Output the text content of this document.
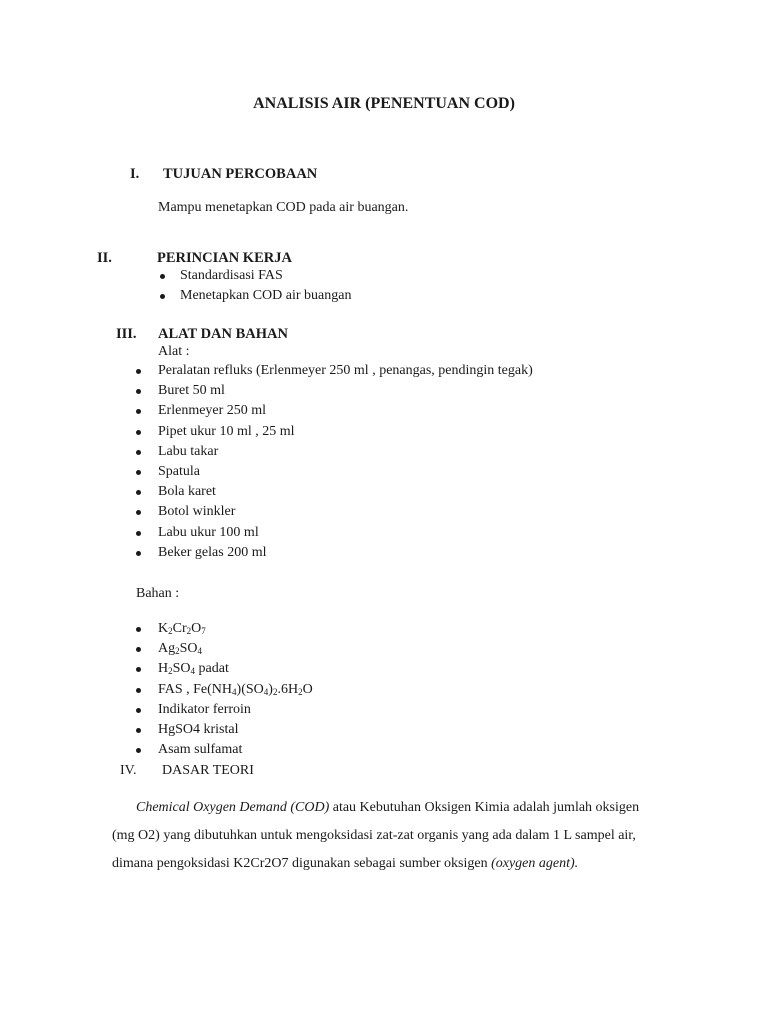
ANALISIS AIR (PENENTUAN COD)
I. TUJUAN PERCOBAAN
Mampu menetapkan COD pada air buangan.
II.	PERINCIAN KERJA
Standardisasi FAS
Menetapkan COD air buangan
III. ALAT DAN BAHAN
Alat :
Peralatan refluks (Erlenmeyer 250 ml , penangas, pendingin tegak)
Buret 50 ml
Erlenmeyer 250 ml
Pipet ukur 10 ml , 25 ml
Labu takar
Spatula
Bola karet
Botol winkler
Labu ukur 100 ml
Beker gelas 200 ml
Bahan :
$K_2Cr_2O_7$
$Ag_2SO_4$
$H_2SO_4$ padat
FAS , $Fe(NH_4)(SO_4)_2.6H_2O$
Indikator ferroin
HgSO4 kristal
Asam sulfamat
IV. DASAR TEORI

Chemical Oxygen Demand (COD) atau Kebutuhan Oksigen Kimia adalah jumlah oksigen

(mg O2) yang dibutuhkan untuk mengoksidasi zat-zat organis yang ada dalam 1 L sampel air,

dimana pengoksidasi K2Cr2O7 digunakan sebagai sumber oksigen (oxygen agent).
